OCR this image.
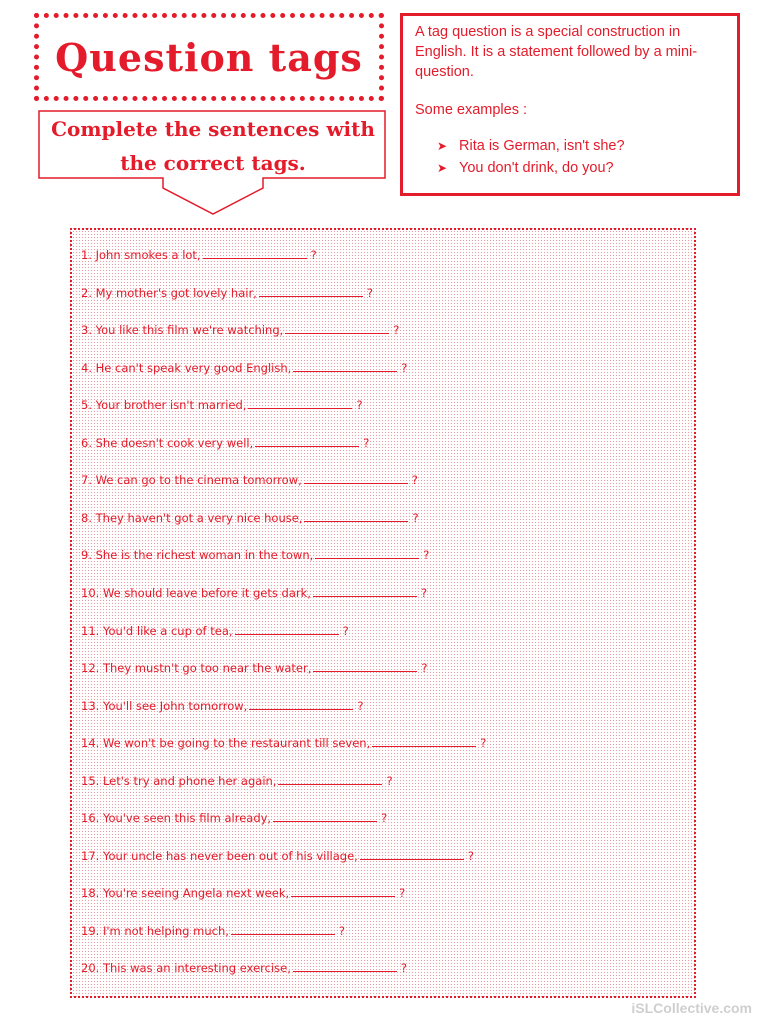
Question tags
Complete the sentences with
the correct tags.

A tag question is a special construction in English. It is a statement followed by a mini-question.

Some examples :

➤ Rita is German, isn't she?
➤ You don't drink, do you?
1. John smokes a lot,	?
2. My mother's got lovely hair,	?
3. You like this film we're watching,	?
4. He can't speak very good English,	?
5. Your brother isn't married,	?
6. She doesn't cook very well,	?
7. We can go to the cinema tomorrow,	?
8. They haven't got a very nice house,	?
9. She is the richest woman in the town,	?
10. We should leave before it gets dark,	?
11. You'd like a cup of tea,	?
12. They mustn't go too near the water,	?
13. You'll see John tomorrow,	?
14. We won't be going to the restaurant till seven,	?
15. Let's try and phone her again,	?
16. You've seen this film already,	?
17. Your uncle has never been out of his village,	?
18. You're seeing Angela next week,	?
19. I'm not helping much,	?
20. This was an interesting exercise,	?
iSLCollective.com
